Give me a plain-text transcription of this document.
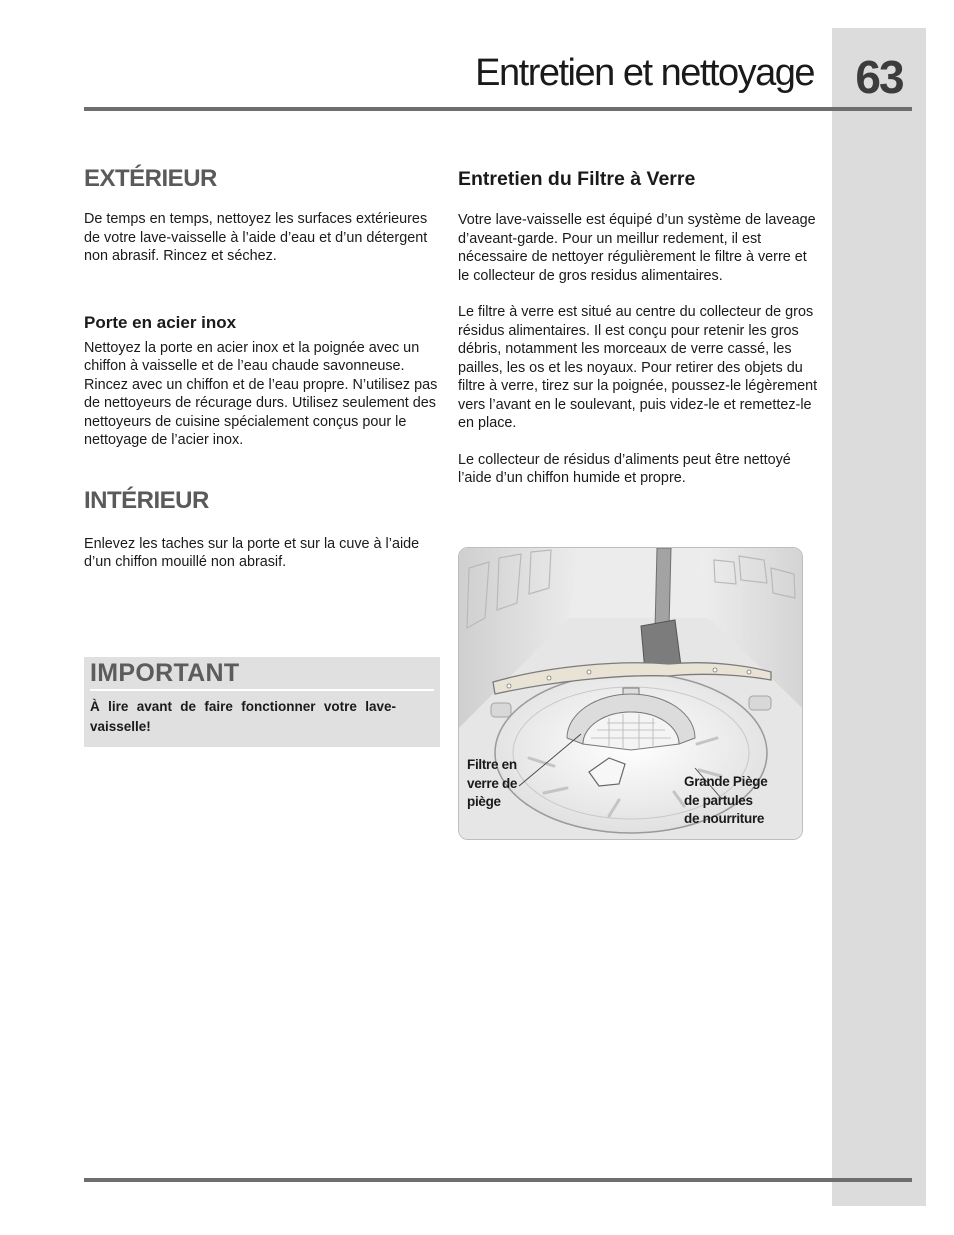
63
Entretien et nettoyage
EXTÉRIEUR

De temps en temps, nettoyez les surfaces extérieures de votre lave-vaisselle à l’aide d’eau et d’un détergent non abrasif. Rincez et séchez.

Porte en acier inox

Nettoyez la porte en acier inox et la poignée avec un chiffon à vaisselle et de l’eau chaude savonneuse. Rincez avec un chiffon et de l’eau propre. N’utilisez pas de nettoyeurs de récurage durs. Utilisez seulement des nettoyeurs de cuisine spécialement conçus pour le nettoyage de l’acier inox.

INTÉRIEUR

Enlevez les taches sur la porte et sur la cuve à l’aide d’un chiffon mouillé non abrasif.

IMPORTANT
À lire avant de faire fonctionner votre lave-vaisselle!
Entretien du Filtre à Verre

Votre lave-vaisselle est équipé d’un système de laveage d’aveant-garde. Pour un meillur redement, il est nécessaire de nettoyer régulièrement le filtre à verre et le collecteur de gros residus alimentaires.

Le filtre à verre est situé au centre du collecteur de gros résidus alimentaires. Il est conçu pour retenir les gros débris, notamment les morceaux de verre cassé, les pailles, les os et les noyaux. Pour retirer des objets du filtre à verre, tirez sur la poignée, poussez-le légèrement vers l’avant en le soulevant, puis videz-le et remettez-le en place.

Le collecteur de résidus d’aliments peut être nettoyé l’aide d’un chiffon humide et propre.

Filtre en
verre de
piège
Grande Piège
de partules
de nourriture
